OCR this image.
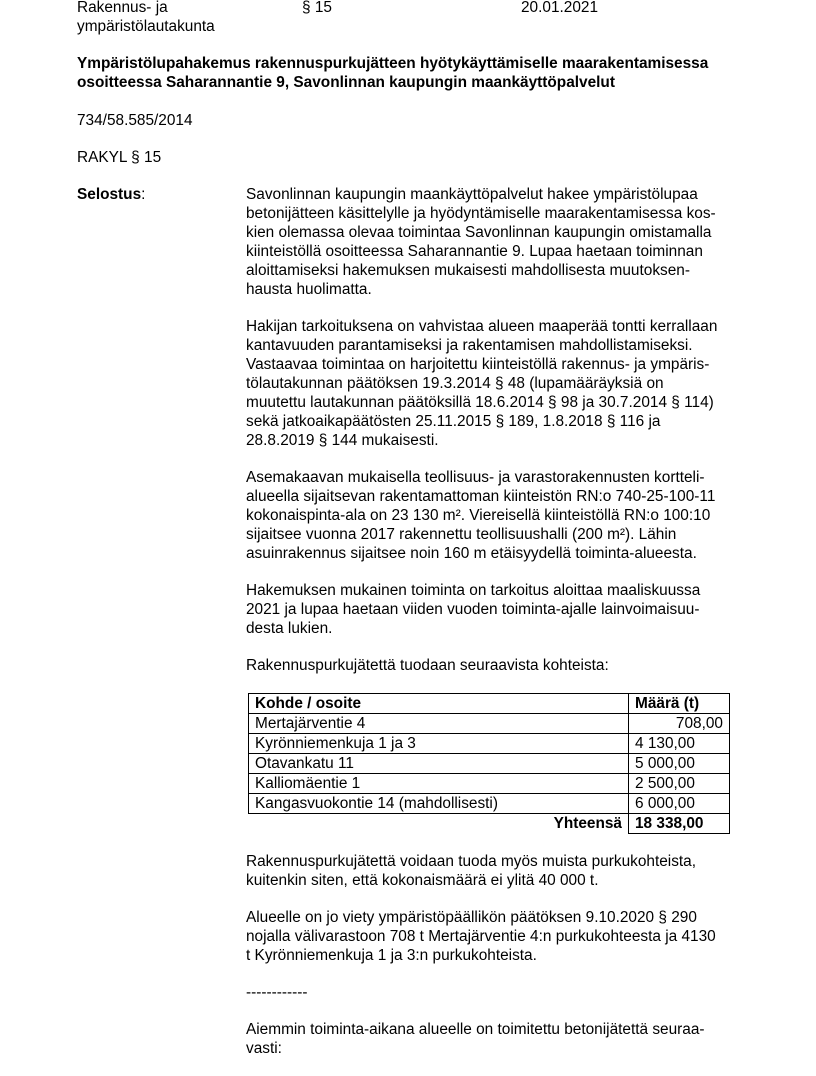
Rakennus- ja ympäristölautakunta
§ 15	20.01.2021
Ympäristölupahakemus rakennuspurkujätteen hyötykäyttämiselle maarakentamisessa
osoitteessa Saharannantie 9, Savonlinnan kaupungin maankäyttöpalvelut
734/58.585/2014
RAKYL § 15
Selostus:	Savonlinnan kaupungin maankäyttöpalvelut hakee ympäristölupaa
betonijätteen käsittelylle ja hyödyntämiselle maarakentamisessa kos-
kien olemassa olevaa toimintaa Savonlinnan kaupungin omistamalla
kiinteistöllä osoitteessa Saharannantie 9. Lupaa haetaan toiminnan
aloittamiseksi hakemuksen mukaisesti mahdollisesta muutoksen-
hausta huolimatta.
Hakijan tarkoituksena on vahvistaa alueen maaperää tontti kerrallaan
kantavuuden parantamiseksi ja rakentamisen mahdollistamiseksi.
Vastaavaa toimintaa on harjoitettu kiinteistöllä rakennus- ja ympäris-
tölautakunnan päätöksen 19.3.2014 § 48 (lupamääräyksiä on
muutettu lautakunnan päätöksillä 18.6.2014 § 98 ja 30.7.2014 § 114)
sekä jatkoaikapäätösten 25.11.2015 § 189, 1.8.2018 § 116 ja
28.8.2019 § 144 mukaisesti.
Asemakaavan mukaisella teollisuus- ja varastorakennusten kortteli-
alueella sijaitsevan rakentamattoman kiinteistön RN:o 740-25-100-11
kokonaispinta-ala on 23 130 m². Viereisellä kiinteistöllä RN:o 100:10
sijaitsee vuonna 2017 rakennettu teollisuushalli (200 m²). Lähin
asuinrakennus sijaitsee noin 160 m etäisyydellä toiminta-alueesta.
Hakemuksen mukainen toiminta on tarkoitus aloittaa maaliskuussa
2021 ja lupaa haetaan viiden vuoden toiminta-ajalle lainvoimaisuu-
desta lukien.
Rakennuspurkujätettä tuodaan seuraavista kohteista:
Kohde / osoite	Määrä (t)
Mertajärventie 4	708,00
Kyrönniemenkuja 1 ja 3	4 130,00
Otavankatu 11	5 000,00
Kalliomäentie 1	2 500,00
Kangasvuokontie 14 (mahdollisesti)	6 000,00
Yhteensä	18 338,00
Rakennuspurkujätettä voidaan tuoda myös muista purkukohteista,
kuitenkin siten, että kokonaismäärä ei ylitä 40 000 t.
Alueelle on jo viety ympäristöpäällikön päätöksen 9.10.2020 § 290
nojalla välivarastoon 708 t Mertajärventie 4:n purkukohteesta ja 4130
t Kyrönniemenkuja 1 ja 3:n purkukohteista.
------------
Aiemmin toiminta-aikana alueelle on toimitettu betonijätettä seuraa-
vasti:
